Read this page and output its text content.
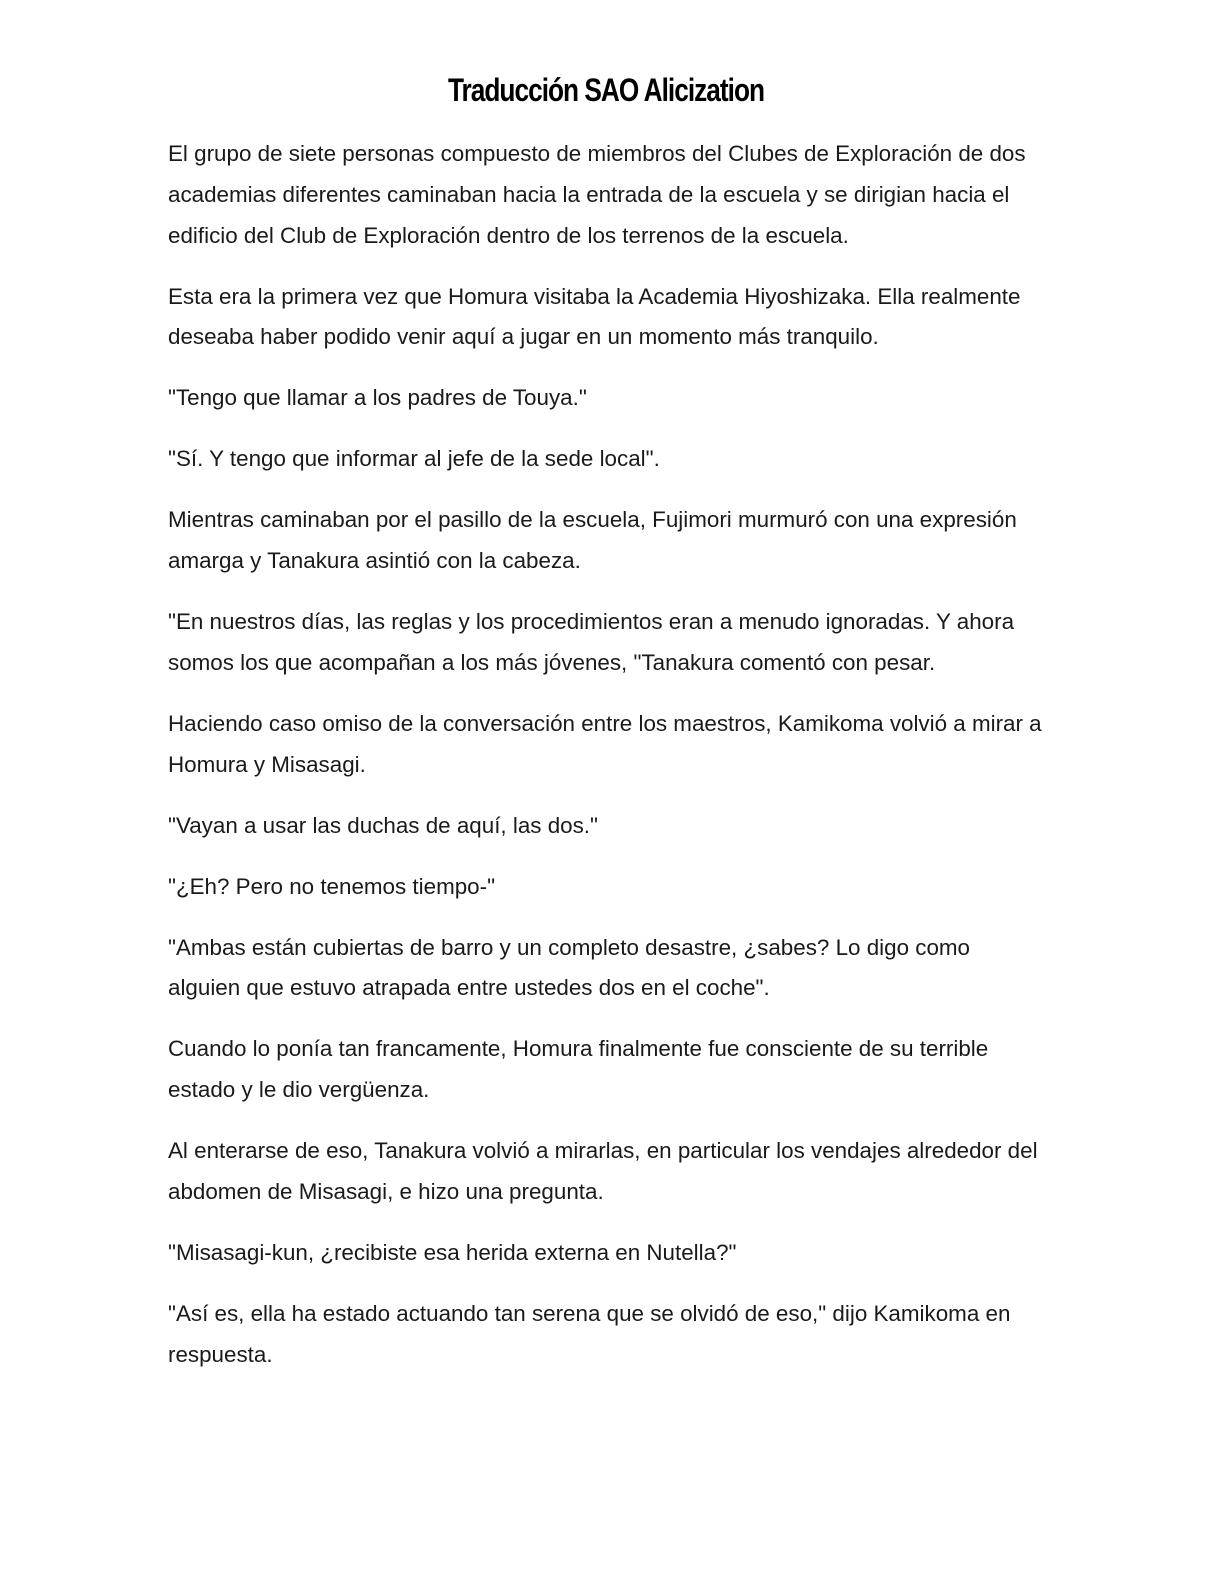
Traducción SAO Alicization

El grupo de siete personas compuesto de miembros del Clubes de Exploración de dos academias diferentes caminaban hacia la entrada de la escuela y se dirigian hacia el edificio del Club de Exploración dentro de los terrenos de la escuela.

Esta era la primera vez que Homura visitaba la Academia Hiyoshizaka. Ella realmente deseaba haber podido venir aquí a jugar en un momento más tranquilo.

"Tengo que llamar a los padres de Touya."

"Sí. Y tengo que informar al jefe de la sede local".

Mientras caminaban por el pasillo de la escuela, Fujimori murmuró con una expresión amarga y Tanakura asintió con la cabeza.

"En nuestros días, las reglas y los procedimientos eran a menudo ignoradas. Y ahora somos los que acompañan a los más jóvenes, "Tanakura comentó con pesar.

Haciendo caso omiso de la conversación entre los maestros, Kamikoma volvió a mirar a Homura y Misasagi.

"Vayan a usar las duchas de aquí, las dos."

"¿Eh? Pero no tenemos tiempo-"

"Ambas están cubiertas de barro y un completo desastre, ¿sabes? Lo digo como alguien que estuvo atrapada entre ustedes dos en el coche".

Cuando lo ponía tan francamente, Homura finalmente fue consciente de su terrible estado y le dio vergüenza.

Al enterarse de eso, Tanakura volvió a mirarlas, en particular los vendajes alrededor del abdomen de Misasagi, e hizo una pregunta.

"Misasagi-kun, ¿recibiste esa herida externa en Nutella?"

"Así es, ella ha estado actuando tan serena que se olvidó de eso," dijo Kamikoma en respuesta.
